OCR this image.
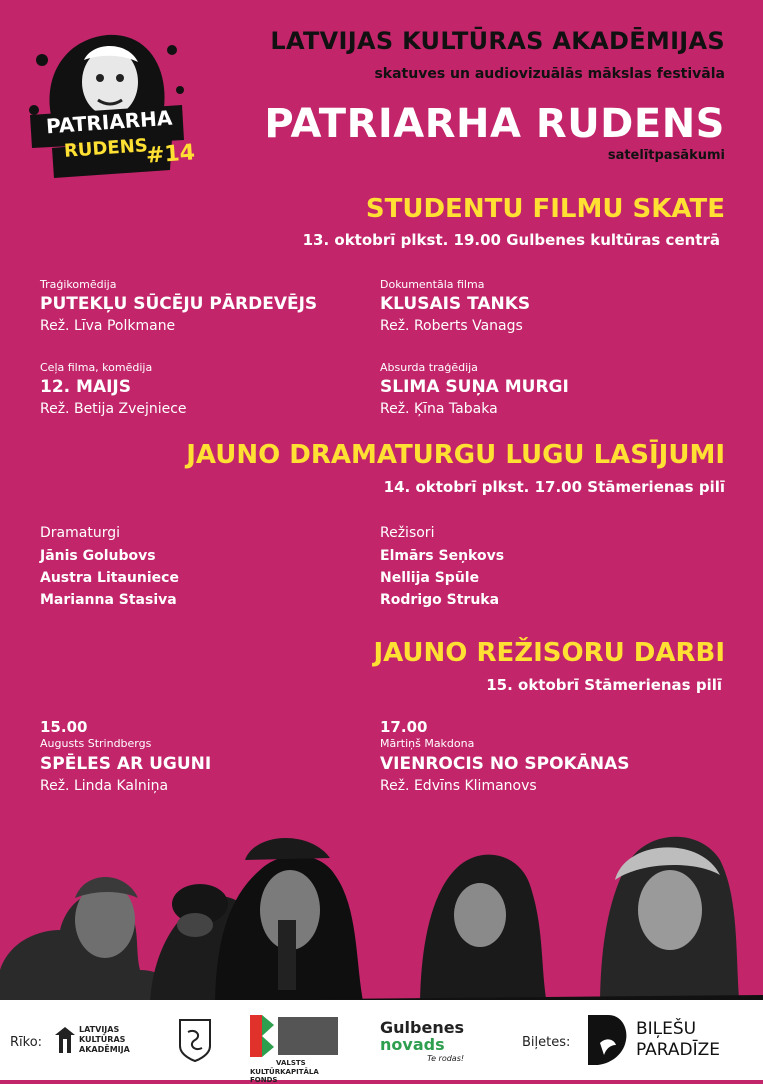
PATRIARHA
RUDENS
#14
LATVIJAS KULTŪRAS AKADĒMIJAS
skatuves un audiovizuālās mākslas festivāla
PATRIARHA RUDENS
satelītpasākumi
STUDENTU FILMU SKATE
13. oktobrī plkst. 19.00 Gulbenes kultūras centrā
Traģikomēdija
PUTEKĻU SŪCĒJU PĀRDEVĒJS
Rež. Līva Polkmane
Dokumentāla filma
KLUSAIS TANKS
Rež. Roberts Vanags
Ceļa filma, komēdija
12. MAIJS
Rež. Betija Zvejniece
Absurda traģēdija
SLIMA SUŅA MURGI
Rež. Ķīna Tabaka
JAUNO DRAMATURGU LUGU LASĪJUMI
14. oktobrī plkst. 17.00 Stāmerienas pilī
Dramaturgi
Jānis Golubovs
Austra Litauniece
Marianna Stasiva
Režisori
Elmārs Seņkovs
Nellija Spūle
Rodrigo Struka
JAUNO REŽISORU DARBI
15. oktobrī Stāmerienas pilī
15.00
Augusts Strindbergs
SPĒLES AR UGUNI
Rež. Linda Kalniņa
17.00
Mārtiņš Makdona
VIENROCIS NO SPOKĀNAS
Rež. Edvīns Klimanovs
Rīko:
LATVIJAS
KULTŪRAS
AKADĒMIJA
VALSTS
KULTŪRKAPITĀLA FONDS
Gulbenes
novads
Te rodas!
Biļetes:
BIĻEŠU
PARADĪZE
